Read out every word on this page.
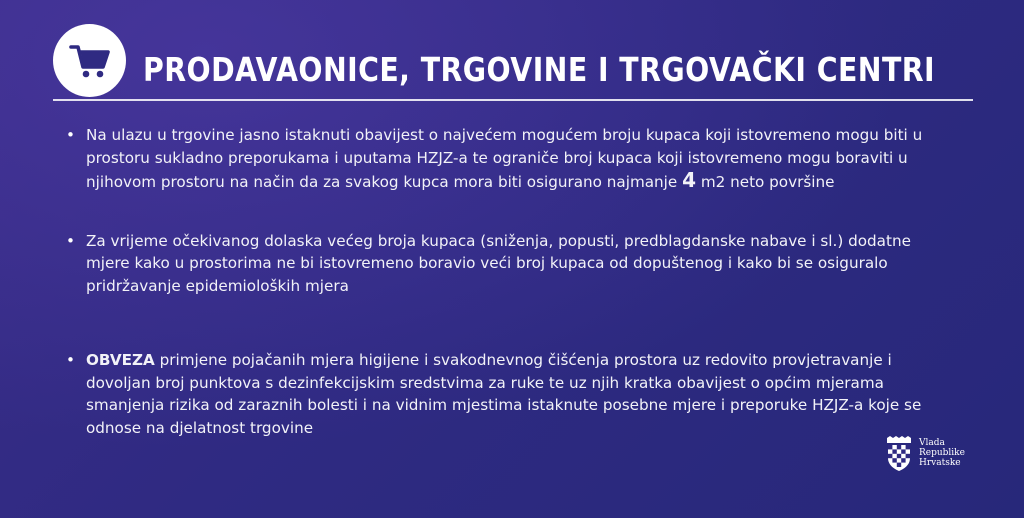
PRODAVAONICE, TRGOVINE I TRGOVAČKI CENTRI
• Na ulazu u trgovine jasno istaknuti obavijest o najvećem mogućem broju kupaca koji istovremeno mogu biti u prostoru sukladno preporukama i uputama HZJZ-a te ograniče broj kupaca koji istovremeno mogu boraviti u njihovom prostoru na način da za svakog kupca mora biti osigurano najmanje 4 m2 neto površine
• Za vrijeme očekivanog dolaska većeg broja kupaca (sniženja, popusti, predblagdanske nabave i sl.) dodatne mjere kako u prostorima ne bi istovremeno boravio veći broj kupaca od dopuštenog i kako bi se osiguralo pridržavanje epidemioloških mjera
• OBVEZA primjene pojačanih mjera higijene i svakodnevnog čišćenja prostora uz redovito provjetravanje i dovoljan broj punktova s dezinfekcijskim sredstvima za ruke te uz njih kratka obavijest o općim mjerama smanjenja rizika od zaraznih bolesti i na vidnim mjestima istaknute posebne mjere i preporuke HZJZ-a koje se odnose na djelatnost trgovine
Vlada
Republike
Hrvatske
